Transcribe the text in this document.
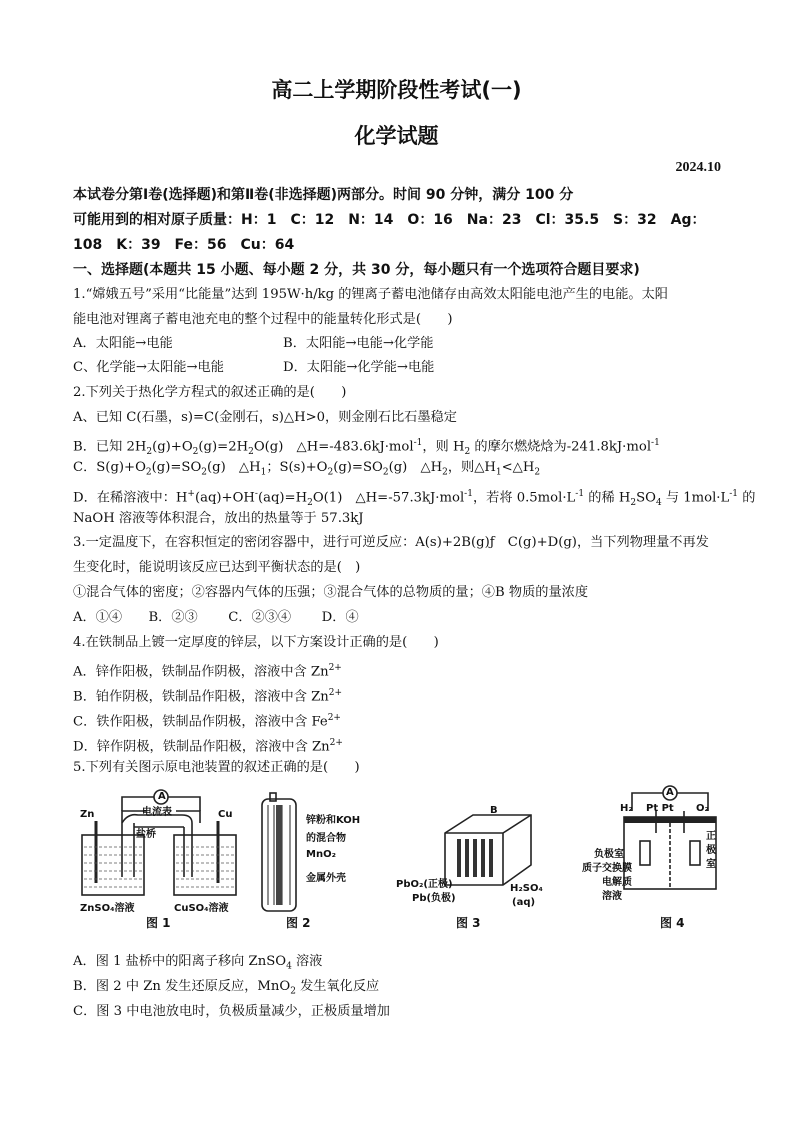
高二上学期阶段性考试(一)
化学试题
2024.10
本试卷分第Ⅰ卷(选择题)和第Ⅱ卷(非选择题)两部分。时间 90 分钟，满分 100 分
可能用到的相对原子质量：H：1　C：12　N：14　O：16　Na：23　Cl：35.5　S：32　Ag：
108　K：39　Fe：56　Cu：64
一、选择题(本题共 15 小题、每小题 2 分，共 30 分，每小题只有一个选项符合题目要求)
1.“嫦娥五号”采用“比能量”达到 195W·h/kg 的锂离子蓄电池储存由高效太阳能电池产生的电能。太阳
能电池对锂离子蓄电池充电的整个过程中的能量转化形式是(　　)
A．太阳能→电能	B．太阳能→电能→化学能
C、化学能→太阳能→电能	D．太阳能→化学能→电能
2.下列关于热化学方程式的叙述正确的是(　　)
A、已知 C(石墨，s)=C(金刚石，s)△H>0，则金刚石比石墨稳定
B．已知 $2H_2(g)+O_2(g)=2H_2O(g)$　△H=-483.6kJ·mol$^{-1}$，则 $H_2$ 的摩尔燃烧焓为-241.8kJ·mol$^{-1}$
C．$S(g)+O_2(g)=SO_2(g)$　$\triangle H_1$；$S(s)+O_2(g)=SO_2(g)$　$\triangle H_2$，则$\triangle H_1<\triangle H_2$
D．在稀溶液中：$H^+(aq)+OH^-(aq)=H_2O(1)$　△H=-57.3kJ·mol$^{-1}$，若将 $0.5mol\cdot L^{-1}$ 的稀 $H_2SO_4$ 与 $1mol\cdot L^{-1}$ 的
NaOH 溶液等体积混合，放出的热量等于 57.3kJ
3.一定温度下，在容积恒定的密闭容器中，进行可逆反应：A(s)+2B(g)ƒ　C(g)+D(g)，当下列物理量不再发
生变化时，能说明该反应已达到平衡状态的是(　)
①混合气体的密度；②容器内气体的压强；③混合气体的总物质的量；④B 物质的量浓度
A．①④　　B．②③　　 C．②③④　　 D．④
4.在铁制品上镀一定厚度的锌层，以下方案设计正确的是(　　)
A．锌作阳极，铁制品作阴极，溶液中含 $Zn^{2+}$
B．铂作阴极，铁制品作阳极，溶液中含 $Zn^{2+}$
C．铁作阳极，铁制品作阴极，溶液中含 $Fe^{2+}$
D．锌作阴极，铁制品作阳极，溶液中含 $Zn^{2+}$
5.下列有关图示原电池装置的叙述正确的是(　　)
A
电流表
盐桥
Zn	Cu
ZnSO₄溶液	CuSO₄溶液
图 1
锌粉和KOH
的混合物
MnO₂
金属外壳
图 2
B
PbO₂(正极)
Pb(负极)
H₂SO₄
(aq)
图 3
A
H₂ Pt Pt O₂
负极室
质子交换膜
电解质
溶液
正
极
室
图 4
A．图 1 盐桥中的阳离子移向 ZnSO$_4$ 溶液
B．图 2 中 Zn 发生还原反应，MnO$_2$ 发生氧化反应
C．图 3 中电池放电时，负极质量减少，正极质量增加
